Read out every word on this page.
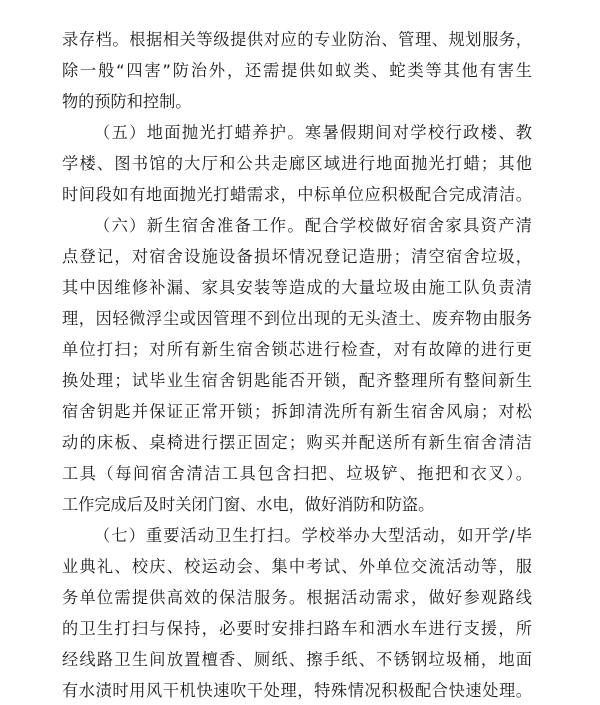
录存档。根据相关等级提供对应的专业防治、管理、规划服务，
除一般“四害”防治外，还需提供如蚁类、蛇类等其他有害生
物的预防和控制。
（五）地面抛光打蜡养护。寒暑假期间对学校行政楼、教
学楼、图书馆的大厅和公共走廊区域进行地面抛光打蜡；其他
时间段如有地面抛光打蜡需求，中标单位应积极配合完成清洁。
（六）新生宿舍准备工作。配合学校做好宿舍家具资产清
点登记，对宿舍设施设备损坏情况登记造册；清空宿舍垃圾，
其中因维修补漏、家具安装等造成的大量垃圾由施工队负责清
理，因轻微浮尘或因管理不到位出现的无头渣土、废弃物由服务
单位打扫；对所有新生宿舍锁芯进行检查，对有故障的进行更
换处理；试毕业生宿舍钥匙能否开锁，配齐整理所有整间新生
宿舍钥匙并保证正常开锁；拆卸清洗所有新生宿舍风扇；对松
动的床板、桌椅进行摆正固定；购买并配送所有新生宿舍清洁
工具（每间宿舍清洁工具包含扫把、垃圾铲、拖把和衣叉）。
工作完成后及时关闭门窗、水电，做好消防和防盗。
（七）重要活动卫生打扫。学校举办大型活动，如开学/毕
业典礼、校庆、校运动会、集中考试、外单位交流活动等，服
务单位需提供高效的保洁服务。根据活动需求，做好参观路线
的卫生打扫与保持，必要时安排扫路车和洒水车进行支援，所
经线路卫生间放置檀香、厕纸、擦手纸、不锈钢垃圾桶，地面
有水渍时用风干机快速吹干处理，特殊情况积极配合快速处理。
